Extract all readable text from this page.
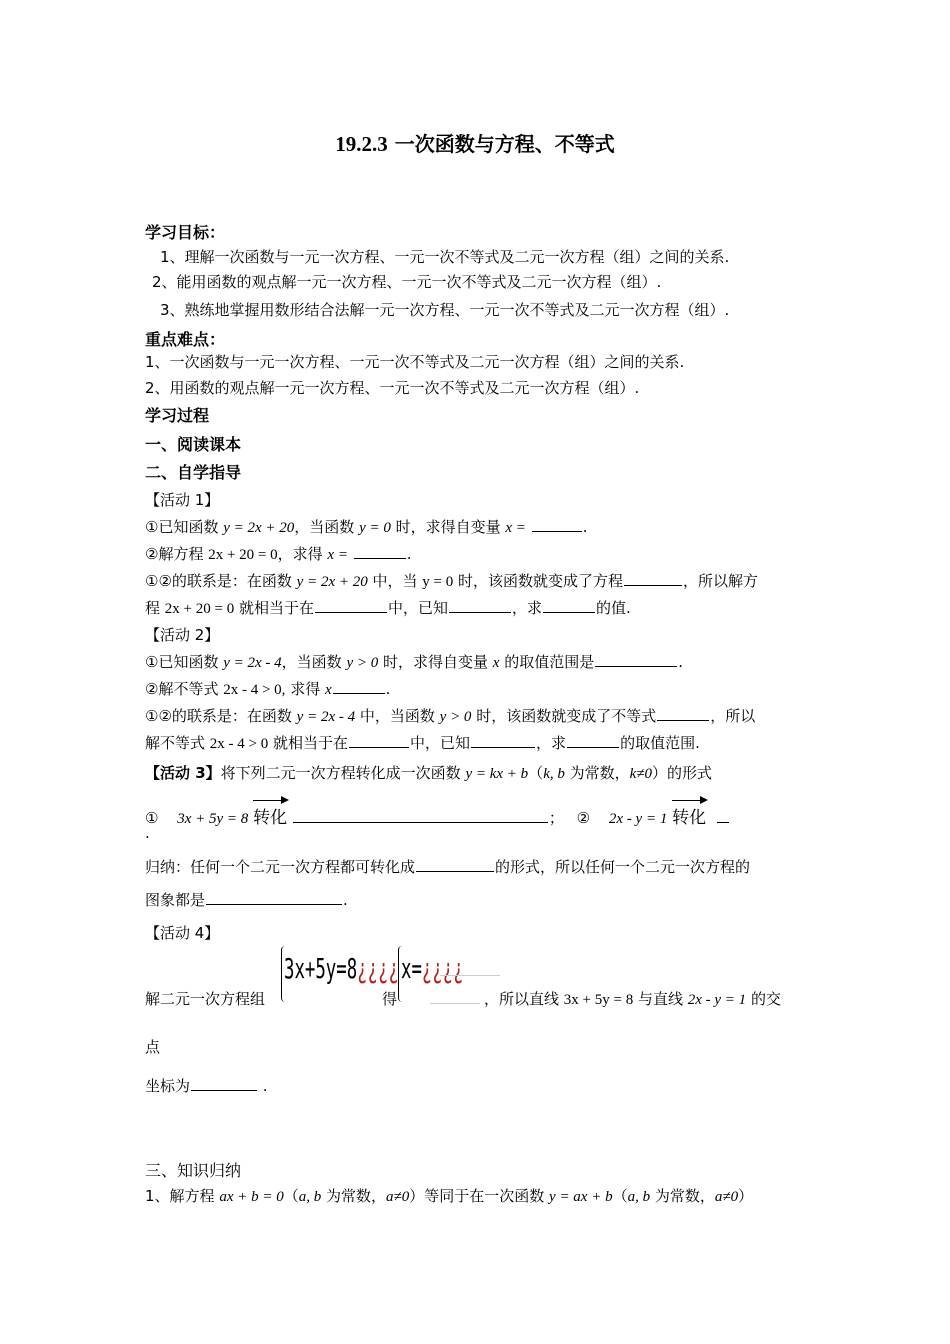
19.2.3 一次函数与方程、不等式
学习目标：
1、理解一次函数与一元一次方程、一元一次不等式及二元一次方程（组）之间的关系.
2、能用函数的观点解一元一次方程、一元一次不等式及二元一次方程（组）.
3、熟练地掌握用数形结合法解一元一次方程、一元一次不等式及二元一次方程（组）.
重点难点：
1、一次函数与一元一次方程、一元一次不等式及二元一次方程（组）之间的关系.
2、用函数的观点解一元一次方程、一元一次不等式及二元一次方程（组）.
学习过程
一、阅读课本
二、自学指导
【活动 1】
①已知函数 y = 2x + 20，当函数 y = 0 时，求得自变量 x =	.
②解方程 2x + 20 = 0，求得 x =	.
①②的联系是：在函数 y = 2x + 20 中，当 y = 0 时，该函数就变成了方程	，所以解方
程 2x + 20 = 0 就相当于在	中，已知	，求	的值.
【活动 2】
①已知函数 y = 2x - 4，当函数 y > 0 时，求得自变量 x 的取值范围是	.
②解不等式 2x - 4 > 0, 求得 x	.
①②的联系是：在函数 y = 2x - 4 中，当函数 y > 0 时，该函数就变成了不等式	，所以
解不等式 2x - 4 > 0 就相当于在	中，已知	，求	的取值范围.
【活动 3】将下列二元一次方程转化成一次函数 y = kx + b（k, b 为常数，k≠0）的形式
① 3x + 5y = 8 转化	； ② 2x - y = 1 转化
.
归纳：任何一个二元一次方程都可转化成	的形式，所以任何一个二元一次方程的
图象都是	.
【活动 4】
解二元一次方程组
3x+5y=8¿¿¿¿
得
x=¿¿¿¿
，所以直线 3x + 5y = 8 与直线 2x - y = 1 的交
点
坐标为	.
三、知识归纳
1、解方程 ax + b = 0（a, b 为常数，a≠0）等同于在一次函数 y = ax + b（a, b 为常数，a≠0）
